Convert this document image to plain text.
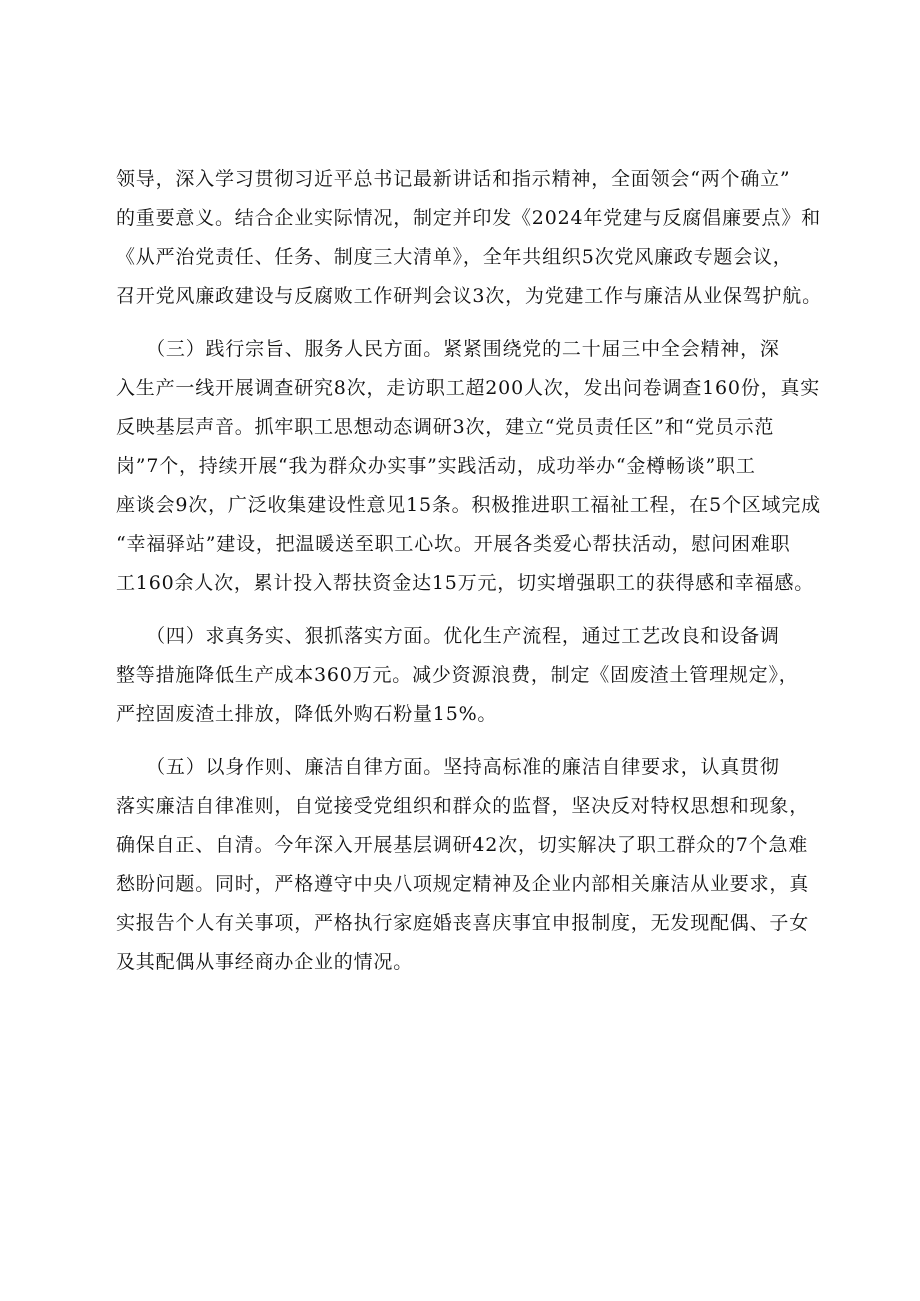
领导，深入学习贯彻习近平总书记最新讲话和指示精神，全面领会“两个确立”
的重要意义。结合企业实际情况，制定并印发《2024年党建与反腐倡廉要点》和
《从严治党责任、任务、制度三大清单》，全年共组织5次党风廉政专题会议，
召开党风廉政建设与反腐败工作研判会议3次，为党建工作与廉洁从业保驾护航。
　　（三）践行宗旨、服务人民方面。紧紧围绕党的二十届三中全会精神，深
入生产一线开展调查研究8次，走访职工超200人次，发出问卷调查160份，真实
反映基层声音。抓牢职工思想动态调研3次，建立“党员责任区”和“党员示范
岗”7个，持续开展“我为群众办实事”实践活动，成功举办“金樽畅谈”职工
座谈会9次，广泛收集建设性意见15条。积极推进职工福祉工程，在5个区域完成
“幸福驿站”建设，把温暖送至职工心坎。开展各类爱心帮扶活动，慰问困难职
工160余人次，累计投入帮扶资金达15万元，切实增强职工的获得感和幸福感。
　　（四）求真务实、狠抓落实方面。优化生产流程，通过工艺改良和设备调
整等措施降低生产成本360万元。减少资源浪费，制定《固废渣土管理规定》，
严控固废渣土排放，降低外购石粉量15%。
　　（五）以身作则、廉洁自律方面。坚持高标准的廉洁自律要求，认真贯彻
落实廉洁自律准则，自觉接受党组织和群众的监督，坚决反对特权思想和现象，
确保自正、自清。今年深入开展基层调研42次，切实解决了职工群众的7个急难
愁盼问题。同时，严格遵守中央八项规定精神及企业内部相关廉洁从业要求，真
实报告个人有关事项，严格执行家庭婚丧喜庆事宜申报制度，无发现配偶、子女
及其配偶从事经商办企业的情况。
